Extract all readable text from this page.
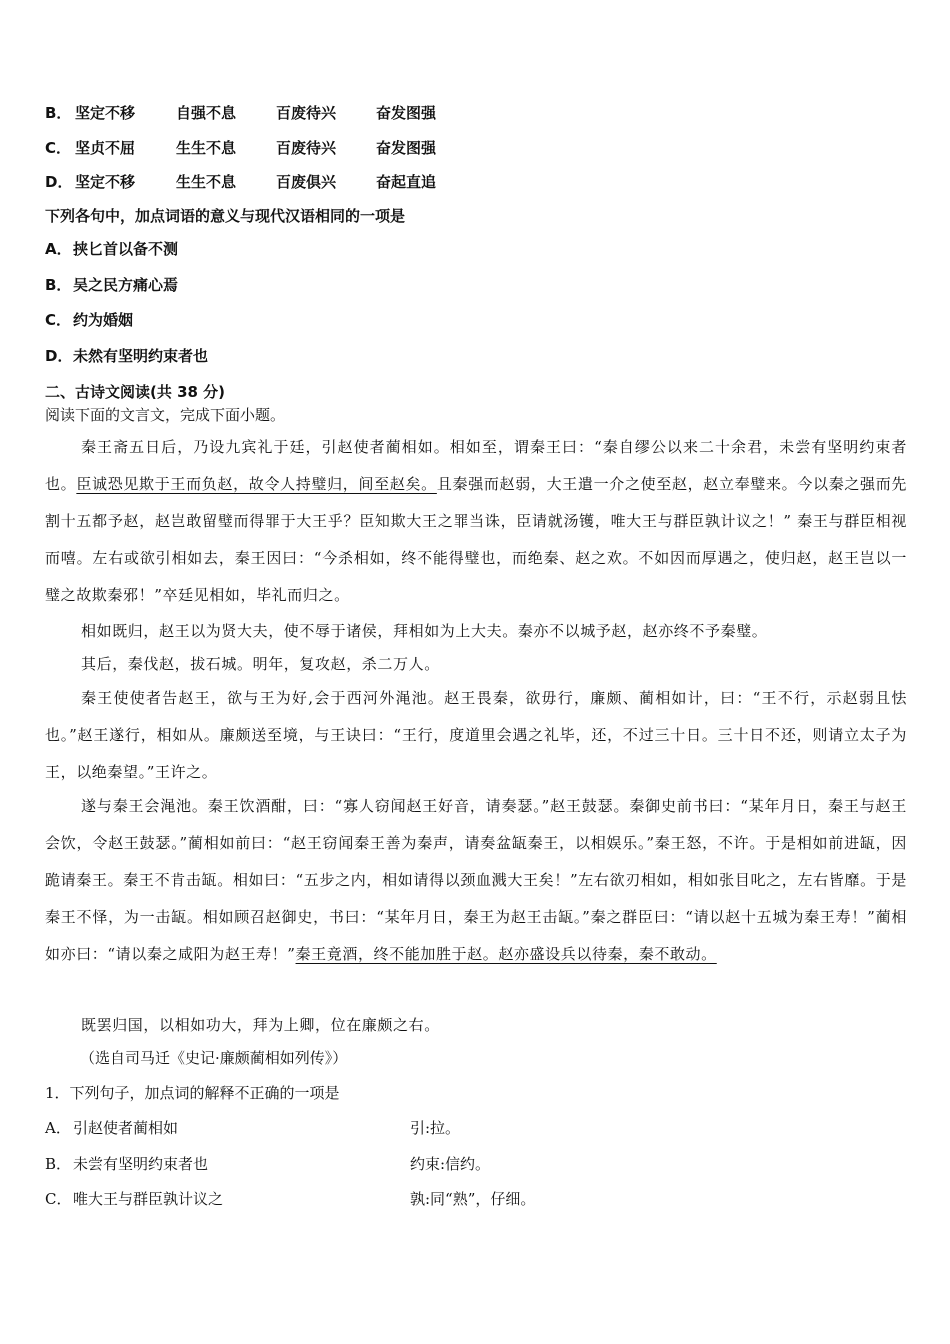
B． 坚定不移	自强不息	百废待兴	奋发图强
C． 坚贞不屈	生生不息	百废待兴	奋发图强
D． 坚定不移	生生不息	百废俱兴	奋起直追
下列各句中，加点词语的意义与现代汉语相同的一项是
A．挟匕首以备不测
B． 吴之民方痛心焉
C． 约为婚姻
D．未然有坚明约束者也
二、古诗文阅读(共 38 分)
阅读下面的文言文，完成下面小题。
秦王斋五日后，乃设九宾礼于廷，引赵使者蔺相如。相如至，谓秦王曰：“秦自缪公以来二十余君，未尝有坚明约束者也。臣诚恐见欺于王而负赵，故令人持璧归，间至赵矣。且秦强而赵弱，大王遣一介之使至赵，赵立奉璧来。今以秦之强而先割十五都予赵，赵岂敢留璧而得罪于大王乎？臣知欺大王之罪当诛，臣请就汤镬，唯大王与群臣孰计议之！” 秦王与群臣相视而嘻。左右或欲引相如去，秦王因曰：“今杀相如，终不能得璧也，而绝秦、赵之欢。不如因而厚遇之，使归赵，赵王岂以一璧之故欺秦邪！”卒廷见相如，毕礼而归之。
相如既归，赵王以为贤大夫，使不辱于诸侯，拜相如为上大夫。秦亦不以城予赵，赵亦终不予秦璧。
其后，秦伐赵，拔石城。明年，复攻赵，杀二万人。
秦王使使者告赵王，欲与王为好,会于西河外渑池。赵王畏秦，欲毋行，廉颇、蔺相如计，曰：“王不行，示赵弱且怯也。”赵王遂行，相如从。廉颇送至境，与王诀曰：“王行，度道里会遇之礼毕，还，不过三十日。三十日不还，则请立太子为王，以绝秦望。”王许之。
遂与秦王会渑池。秦王饮酒酣，曰：“寡人窃闻赵王好音，请奏瑟。”赵王鼓瑟。秦御史前书曰：“某年月日，秦王与赵王会饮，令赵王鼓瑟。”蔺相如前曰：“赵王窃闻秦王善为秦声，请奏盆缻秦王，以相娱乐。”秦王怒，不许。于是相如前进缻，因跪请秦王。秦王不肯击缻。相如曰：“五步之内，相如请得以颈血溅大王矣！”左右欲刃相如，相如张目叱之，左右皆靡。于是秦王不怿，为一击缻。相如顾召赵御史，书曰：“某年月日，秦王为赵王击缻。”秦之群臣曰：“请以赵十五城为秦王寿！”蔺相如亦曰：“请以秦之咸阳为赵王寿！”秦王竟酒，终不能加胜于赵。赵亦盛设兵以待秦，秦不敢动。
既罢归国，以相如功大，拜为上卿，位在廉颇之右。
（选自司马迁《史记·廉颇蔺相如列传》）
1．下列句子，加点词的解释不正确的一项是
A． 引赵使者蔺相如	引:拉。
B． 未尝有坚明约束者也	约束:信约。
C． 唯大王与群臣孰计议之	孰:同“熟”，仔细。
